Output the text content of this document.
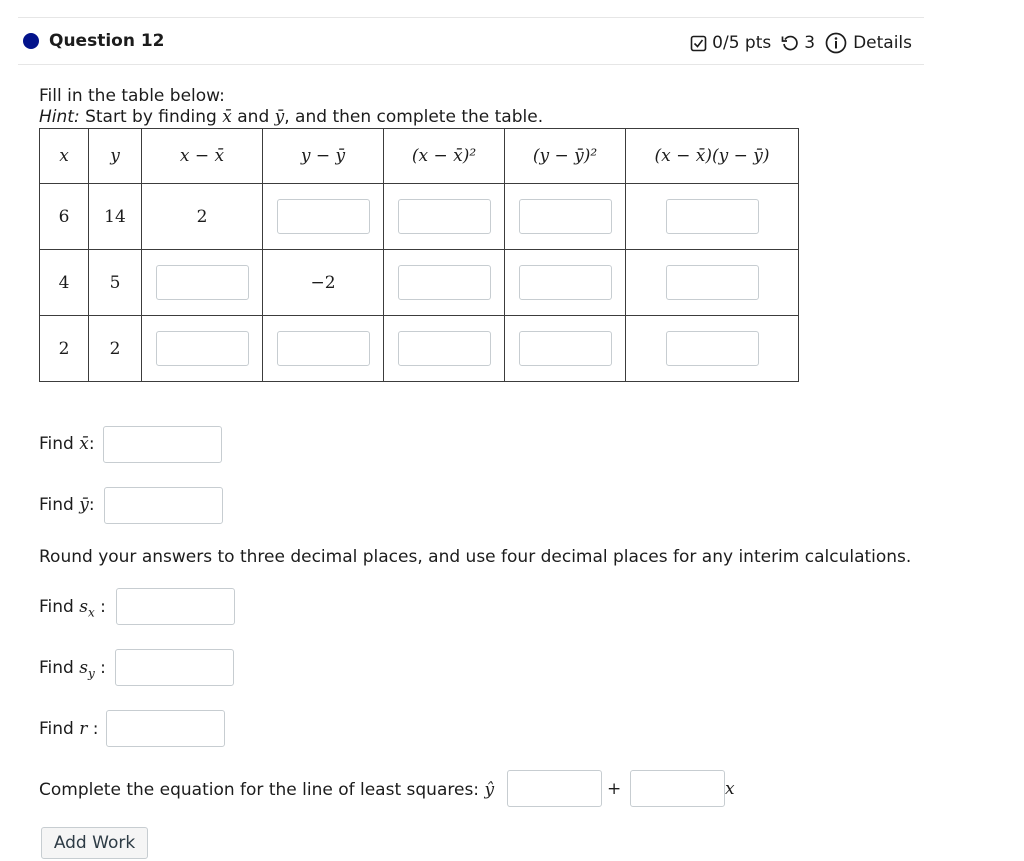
Question 12	0/5 pts 3 Details
Fill in the table below:
Hint: Start by finding x̄ and ȳ, and then complete the table.
x	y	x − x̄	y − ȳ	(x − x̄)²	(y − ȳ)²	(x − x̄)(y − ȳ)
6	14	2				
4	5		−2			
2	2					
Find x̄:
Find ȳ:
Round your answers to three decimal places, and use four decimal places for any interim calculations.
Find $s_x$ :
Find $s_y$ :
Find r :
Complete the equation for the line of least squares: ŷ	+	x
Add Work
